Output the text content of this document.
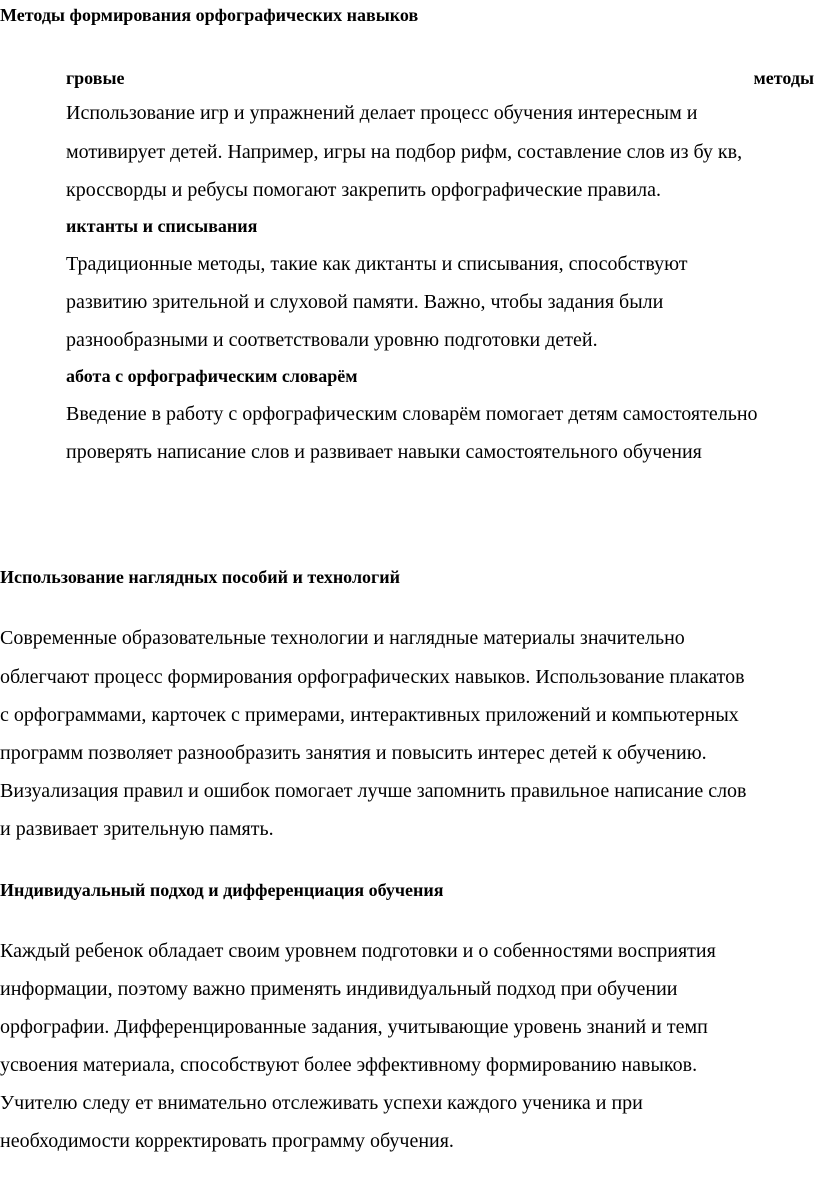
Методы формирования орфографических навыков
гровые	методы
Использование игр и упражнений делает процесс обучения интересным и
мотивирует детей. Например, игры на подбор рифм, составление слов из бу кв,
кроссворды и ребусы помогают закрепить орфографические правила.
иктанты и списывания
Традиционные методы, такие как диктанты и списывания, способствуют
развитию зрительной и слуховой памяти. Важно, чтобы задания были
разнообразными и соответствовали уровню подготовки детей.
абота с орфографическим словарём
Введение в работу с орфографическим словарём помогает детям самостоятельно
проверять написание слов и развивает навыки самостоятельного обучения
Использование наглядных пособий и технологий
Современные образовательные технологии и наглядные материалы значительно
облегчают процесс формирования орфографических навыков. Использование плакатов
с орфограммами, карточек с примерами, интерактивных приложений и компьютерных
программ позволяет разнообразить занятия и повысить интерес детей к обучению.
Визуализация правил и ошибок помогает лучше запомнить правильное написание слов
и развивает зрительную память.
Индивидуальный подход и дифференциация обучения
Каждый ребенок обладает своим уровнем подготовки и о собенностями восприятия
информации, поэтому важно применять индивидуальный подход при обучении
орфографии. Дифференцированные задания, учитывающие уровень знаний и темп
усвоения материала, способствуют более эффективному формированию навыков.
Учителю следу ет внимательно отслеживать успехи каждого ученика и при
необходимости корректировать программу обучения.
